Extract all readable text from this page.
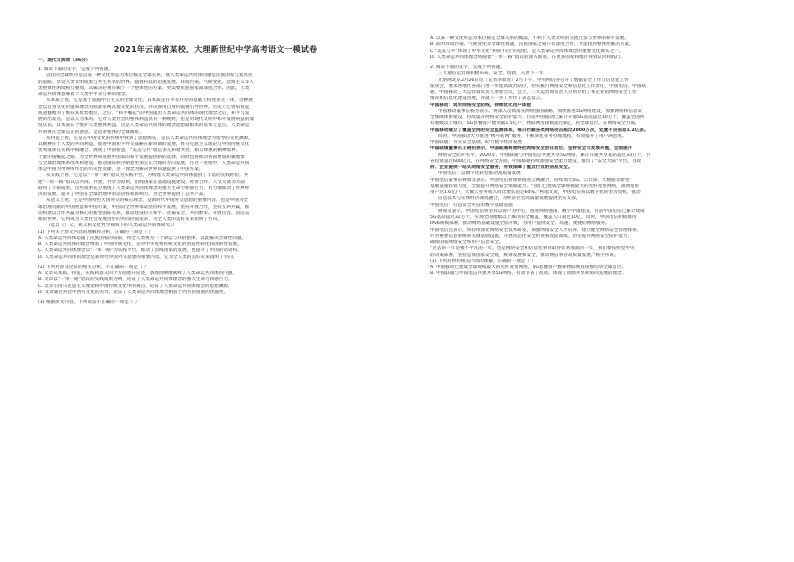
2021年云南省某校、大理新世纪中学高考语文一模试卷
一、现代文阅读（36分）
1. 阅读下面的文字，完成下列各题。
以往的全球秩序是以某一种文化形态为本位核定全球关系，使人类命运共同体问题是民族国家与复苏民
的思路。享受人类文明成果与共生共享的世界，随着科技的迅速发展，环境污染、气候变化、恐怖主义等人
类整体性困境相互叠加，其解决必须有赖于一个整体性的方案，更需要民族国家间深度合作。因此，人类
命运共同体意味着于人类中平等互利的理念。
从本质上看，它是基于超越中心主义的全球文化，其本质是在平等共存的基础上构建多元一体，这种观
念以自身文化价值和理念为标准审视其他文化的状况，并试图用自身价值观引导世界。历史上它曾肩负起
或遗憾地为了维持其优势地位，之后，“和平崛起”的中国提出人类命运共同体的现代理念之后，和平与发
展的出发点，是以人为本的。它对人类社会的整体利益具有一种视野，也是对现代文明中和平发展利益的深
度认识，其本质在于维护人类整体利益，这是人类命运共同体的理念思想最根本的基本立足点，人类命运
共同体在全球公正的意思，是追求整体的全球福祉。
从特征上看，它是在中国文化的传统中找到了思想源头，是以人类命运共同体理念为指导的文化渊源，
其精神在于人类的共同利益，推进中国和平外交战略在新时期的发展，将马克思主义理论与中国传统文化
优秀成果在实践中相融合，展现了中国智慧，“美美与共”就是多元和谐共处、相互尊重的精神境界，
于此中国崛起之路，为全世界和发展中国家的和平发展提供新的选择，同时也将推动各国更加积极地参
与全球治理体系改革和建设，推动国际秩序朝着更加公正合理的方向发展，在这一进程中，人类命运共同
体是中国为世界所作出的历史性贡献，这一理念为解决世界问题提供了中国方案。
从实践上看，它是以“一带一路”倡议为实践平台，为构建人类命运共同体提供了丰富的实践经验。共
建“一带一路”倡议以共商、共建、共享为原则，沿线国家在基础设施建设、经贸合作、人文交流等方面
取得了丰硕成果，这些成果充分展现了人类命运共同体理念的强大生命力和感召力，有力地推动了世界经
济的发展，提升了中国在全球治理中的话语权和影响力，为全世界提供了公共产品。
从意义上看，它是中国特色大国外交的核心理念，是新时代中国外交思想的重要内容，也是中国为全
球治理贡献的中国智慧和中国方案，中国向全世界承诺坚持和平发展，坚持开放合作，坚持互利共赢，推
动构建以合作共赢为核心的新型国际关系，推动建设持久和平、普遍安全、共同繁荣、开放包容、清洁美
丽的世界，它将成为人类社会发展进步的共同价值追求，为全人类的美好未来指明了方向。
（选自《广义、狭义和文化哲学视域下的人类命运共同体研究》）
(1) 下列关于原文内容的理解和分析，正确的一项是（ ）
A. 人类命运共同体超越了民族国家的局限，将全人类视为一个命运与共的整体，以此解决全球性问题。
B. 人类命运共同体的理念继承了中国传统文化，是对中华优秀传统文化的创造性转化和创新性发展。
C. 人类命运共同体理念以“一带一路”为实践平台，推动了沿线国家的发展，也提升了中国的话语权。
D. 人类命运共同体的理念是新时代中国外交思想的重要内容，它为全人类的美好未来指明了方向。
(2) 下列对原文论证的相关分析，不正确的一项是（ ）
A. 文章从本质、特征、实践和意义四个方面展开论述，条理清晰地阐释了人类命运共同体的内涵。
B. 文章以“一带一路”倡议的实践成果为例，论证了人类命运共同体理念的强大生命力和感召力。
C. 文章引用马克思主义理论和中国传统文化中的观点，论证了人类命运共同体理念的思想渊源。
D. 文章通过对比中西方文化的差异，论证了人类命运共同体理念相较于西方价值观的优越性。
(3) 根据原文内容，下列说法不正确的一项是（ ）
A. 以某一种文化形态为本位核定全球关系的做法，不利于人类文明的交流互鉴与世界的和平发展。
B. 面对环境污染、气候变化等全球性难题，民族国家之间只有深度合作，才能找到整体性解决方案。
C.“美美与共”体现了中华文化“和而不同”的思想，是人类命运共同体理念的重要文化源头之一。
D. 人类命运共同体理念将随着“一带一路”倡议的深入推进，在更多国家和地区得到认同和践行。
2. 阅读下面的文字，完成下列各题。
三大通信运营商积极布局，安全、创新，入世下一年
光明网北京2月26日电（记者李政瑶）2月下午，中央网信办召开了数据安全工作与信息化工作
座谈会，要求各地区各部门进一步提高政治站位，切实履行网络安全和信息化工作责任，中国电信、中国联
通、中国移动三大运营商负责人参加会议，会上，三大运营商负责人分别介绍了本企业的网络安全工作
情况和信息化建设进展，并就下一步工作作了表态发言。
中国移动：筑牢网络安全防线，持续优化用户体验
中国移动董事长杨杰表示，将深入贯彻落实网络强国战略，加快推进5G网络建设，加强网络和信息安
全保障体系建设，持续提升网络安全防护能力。目前中国移动已累计开通5G基站超过10万个，覆盖全国所
有地级以上城市，5G套餐客户数突破1.5亿户，物联网连接数超过8亿，居全球首位。在网络安全方面，
中国移动建立了覆盖全网的安全监测体系，每日拦截各类网络攻击超过2000万次，处置不良信息1.2亿条。
同时，中国移动大力推进“携号转网”服务，不断简化业务办理流程，有效提升了用户满意度。
中国联通：夯实安全基础，助力数字经济发展
中国联通董事长王晓初表示，中国联通将始终把网络安全放在首位，坚持安全与发展并重，全面提升
网络安全防护水平。2020年，中国联通与中国电信共建共享5G网络，累计开通共享基站超过33万个，节
省投资超过600亿元，在网络安全方面，中国联通持续加强安全能力建设，推出了“安全大脑”平台，为政
府、企业提供一站式网络安全服务，有效保障了重点行业的信息安全。
中国电信：以数字化转型推动高质量发展
中国电信董事长柯瑞文表示，中国电信将加快推进云网融合，持续加大5G、云计算、大数据等新型
基础设施投资力度，全面提升网络安全保障能力。“我们已建成全球规模最大的光纤宽带网络，固网宽带
用户达1.6亿户，天翼云业务收入同比增长超过60%。”柯瑞文说，中国电信将以数字化转型为契机，推动
信息技术与实体经济深度融合，为经济社会高质量发展提供坚实支撑。
中国电信：打造安全可信的数字基础设施
柯瑞文表示，中国电信将坚持以客户为中心，推进网络强国、数字中国建设。目前中国电信已累计建成
5G基站超过32万个，实现全国地级以上城市的全覆盖，覆盖人口超过10亿，同时，中国电信积极推进
IPv6规模部署，推动网络基础设施全面升级，为用户提供安全、高速、便捷的网络服务。
中国电信还表示，将持续深化网络安全技术研发，加强网络安全人才培养，建立健全网络安全管理体系，
针对重要信息系统和关键基础设施，开展常态化安全检查和攻防演练，切实提升网络安全防护能力，
确保国家网络安全和用户信息安全。
“过去的一年是极不平凡的一年，也是网络安全和信息化事业取得显著成就的一年，我们要按照党中央
的决策部署，坚持总体国家安全观，统筹发展和安全，推动网信事业高质量发展。”杨小伟说。
(1) 下列对材料相关内容的理解，正确的一项是（ ）
A. 中国移动已建成全球规模最大的光纤宽带网络，5G套餐客户数和物联网连接数均居全球首位。
B. 中国联通与中国电信共建共享5G网络，有效节省了投资，体现了资源共享和协同发展的理念。
